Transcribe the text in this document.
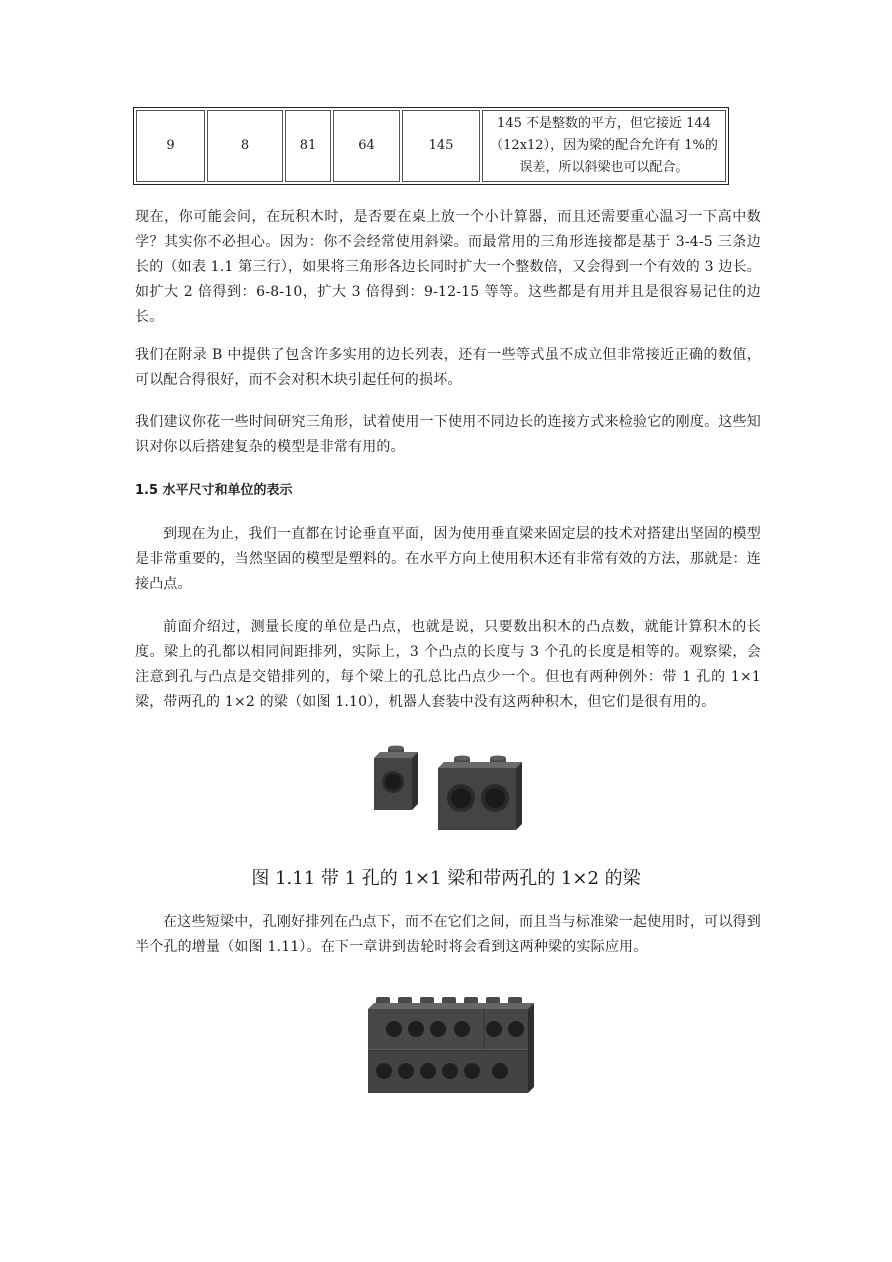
9	8	81	64	145	145 不是整数的平方，但它接近 144（12x12），因为梁的配合允许有 1%的误差，所以斜梁也可以配合。

现在，你可能会问，在玩积木时，是否要在桌上放一个小计算器，而且还需要重心温习一下高中数学？其实你不必担心。因为：你不会经常使用斜梁。而最常用的三角形连接都是基于 3-4-5 三条边长的（如表 1.1 第三行），如果将三角形各边长同时扩大一个整数倍，又会得到一个有效的 3 边长。如扩大 2 倍得到：6-8-10，扩大 3 倍得到：9-12-15 等等。这些都是有用并且是很容易记住的边长。

我们在附录 B 中提供了包含许多实用的边长列表，还有一些等式虽不成立但非常接近正确的数值，可以配合得很好，而不会对积木块引起任何的损坏。

我们建议你花一些时间研究三角形，试着使用一下使用不同边长的连接方式来检验它的刚度。这些知识对你以后搭建复杂的模型是非常有用的。

1.5 水平尺寸和单位的表示

到现在为止，我们一直都在讨论垂直平面，因为使用垂直梁来固定层的技术对搭建出坚固的模型是非常重要的，当然坚固的模型是塑料的。在水平方向上使用积木还有非常有效的方法，那就是：连接凸点。

前面介绍过，测量长度的单位是凸点，也就是说，只要数出积木的凸点数，就能计算积木的长度。梁上的孔都以相同间距排列，实际上，3 个凸点的长度与 3 个孔的长度是相等的。观察梁，会注意到孔与凸点是交错排列的，每个梁上的孔总比凸点少一个。但也有两种例外：带 1 孔的 1×1 梁，带两孔的 1×2 的梁（如图 1.10），机器人套装中没有这两种积木，但它们是很有用的。

图 1.11 带 1 孔的 1×1 梁和带两孔的 1×2 的梁

在这些短梁中，孔刚好排列在凸点下，而不在它们之间，而且当与标准梁一起使用时，可以得到半个孔的增量（如图 1.11）。在下一章讲到齿轮时将会看到这两种梁的实际应用。
